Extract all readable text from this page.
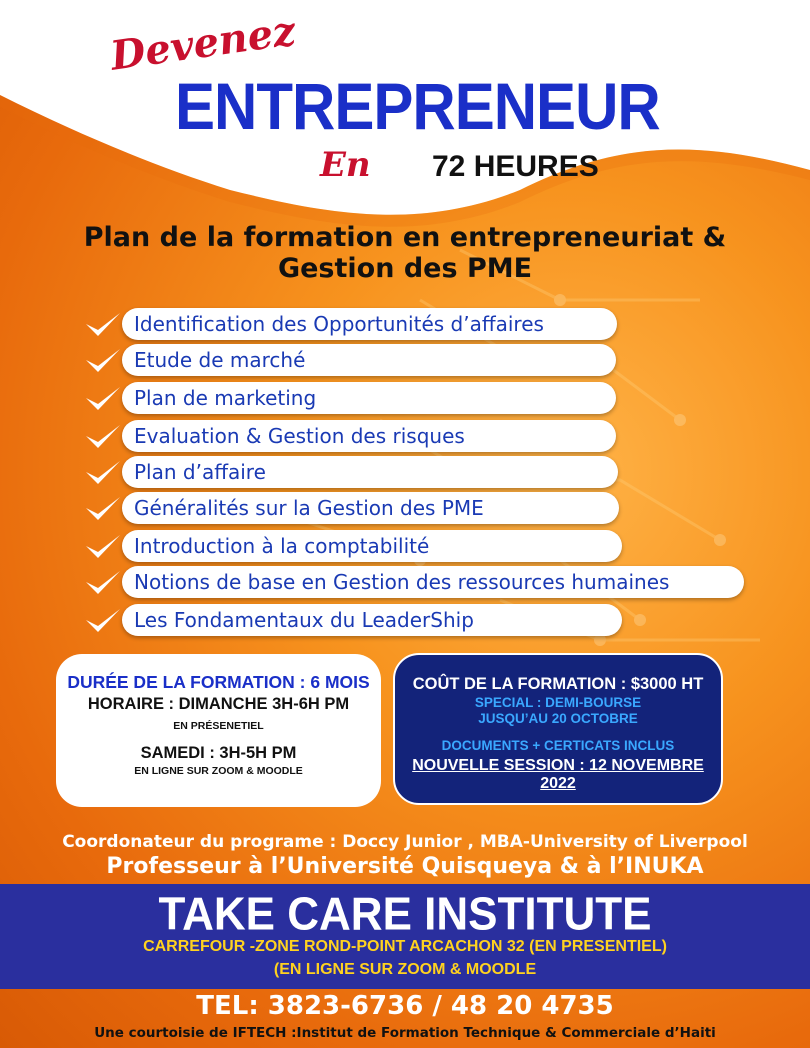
Devenez
ENTREPRENEUR
En 72 HEURES
Plan de la formation en entrepreneuriat &
Gestion des PME
Identification des Opportunités d’affaires
Etude de marché
Plan de marketing
Evaluation & Gestion des risques
Plan d’affaire
Généralités sur la Gestion des PME
Introduction à la comptabilité
Notions de base en Gestion des ressources humaines
Les Fondamentaux du LeaderShip
DURÉE DE LA FORMATION : 6 MOIS
HORAIRE : DIMANCHE 3H-6H PM
EN PRÉSENETIEL
SAMEDI : 3H-5H PM
EN LIGNE SUR ZOOM & MOODLE
COÛT DE LA FORMATION : $3000 HT
SPECIAL : DEMI-BOURSE
JUSQU’AU 20 OCTOBRE
DOCUMENTS + CERTICATS INCLUS
NOUVELLE SESSION : 12 NOVEMBRE 2022
Coordonateur du programe : Doccy Junior , MBA-University of Liverpool
Professeur à l’Université Quisqueya & à l’INUKA
TAKE CARE INSTITUTE
CARREFOUR -ZONE ROND-POINT ARCACHON 32 (EN PRESENTIEL)
(EN LIGNE SUR ZOOM & MOODLE
TEL: 3823-6736 / 48 20 4735
Une courtoisie de IFTECH :Institut de Formation Technique & Commerciale d’Haiti
